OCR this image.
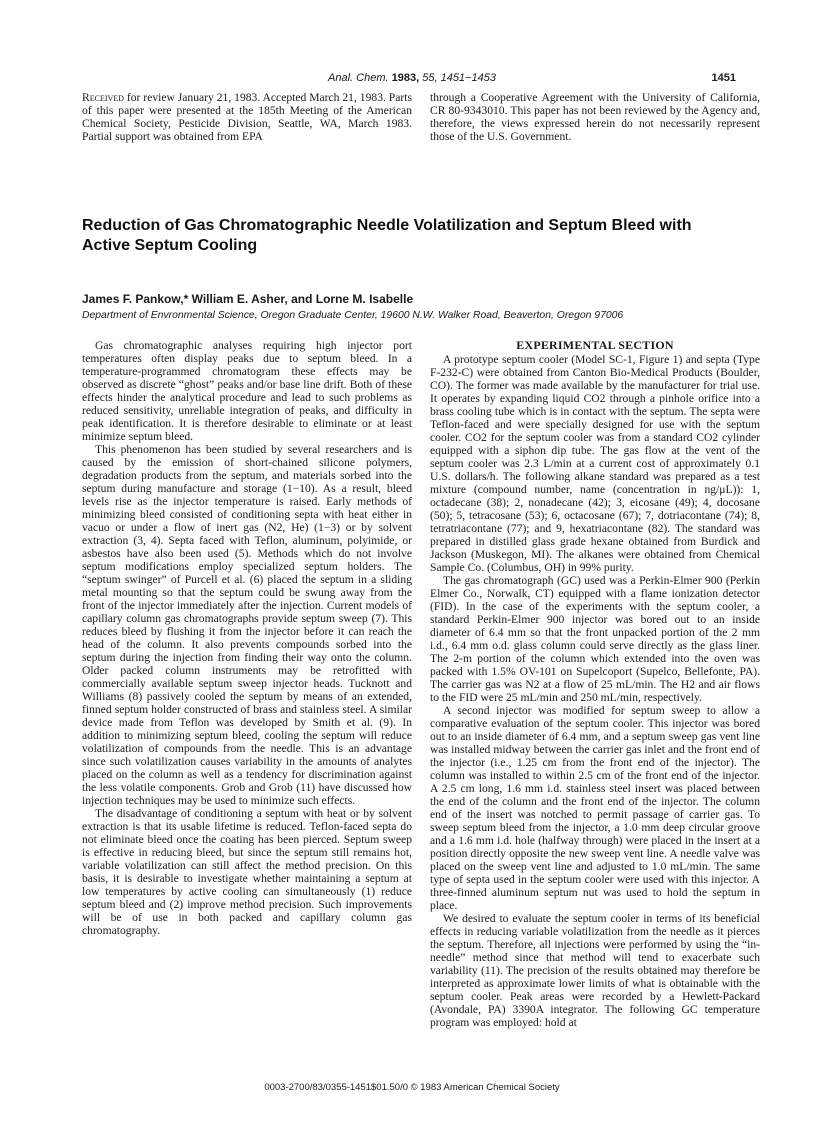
Anal. Chem. 1983, 55, 1451−1453	1451

Received for review January 21, 1983. Accepted March 21, 1983. Parts of this paper were presented at the 185th Meeting of the American Chemical Society, Pesticide Division, Seattle, WA, March 1983. Partial support was obtained from EPA

through a Cooperative Agreement with the University of California, CR 80-9343010. This paper has not been reviewed by the Agency and, therefore, the views expressed herein do not necessarily represent those of the U.S. Government.

Reduction of Gas Chromatographic Needle Volatilization and Septum Bleed with Active Septum Cooling
James F. Pankow,* William E. Asher, and Lorne M. Isabelle
Department of Envronmental Science, Oregon Graduate Center, 19600 N.W. Walker Road, Beaverton, Oregon 97006

Gas chromatographic analyses requiring high injector port temperatures often display peaks due to septum bleed. In a temperature-programmed chromatogram these effects may be observed as discrete “ghost” peaks and/or base line drift. Both of these effects hinder the analytical procedure and lead to such problems as reduced sensitivity, unreliable integration of peaks, and difficulty in peak identification. It is therefore desirable to eliminate or at least minimize septum bleed.

This phenomenon has been studied by several researchers and is caused by the emission of short-chained silicone polymers, degradation products from the septum, and materials sorbed into the septum during manufacture and storage (1−10). As a result, bleed levels rise as the injector temperature is raised. Early methods of minimizing bleed consisted of conditioning septa with heat either in vacuo or under a flow of inert gas (N2, He) (1−3) or by solvent extraction (3, 4). Septa faced with Teflon, aluminum, polyimide, or asbestos have also been used (5). Methods which do not involve septum modifications employ specialized septum holders. The “septum swinger” of Purcell et al. (6) placed the septum in a sliding metal mounting so that the septum could be swung away from the front of the injector immediately after the injection. Current models of capillary column gas chromatographs provide septum sweep (7). This reduces bleed by flushing it from the injector before it can reach the head of the column. It also prevents compounds sorbed into the septum during the injection from finding their way onto the column. Older packed column instruments may be retrofitted with commercially available septum sweep injector heads. Tucknott and Williams (8) passively cooled the septum by means of an extended, finned septum holder constructed of brass and stainless steel. A similar device made from Teflon was developed by Smith et al. (9). In addition to minimizing septum bleed, cooling the septum will reduce volatilization of compounds from the needle. This is an advantage since such volatilization causes variability in the amounts of analytes placed on the column as well as a tendency for discrimination against the less volatile components. Grob and Grob (11) have discussed how injection techniques may be used to minimize such effects.

The disadvantage of conditioning a septum with heat or by solvent extraction is that its usable lifetime is reduced. Teflon-faced septa do not eliminate bleed once the coating has been pierced. Septum sweep is effective in reducing bleed, but since the septum still remains hot, variable volatilization can still affect the method precision. On this basis, it is desirable to investigate whether maintaining a septum at low temperatures by active cooling can simultaneously (1) reduce septum bleed and (2) improve method precision. Such improvements will be of use in both packed and capillary column gas chromatography.

EXPERIMENTAL SECTION

A prototype septum cooler (Model SC-1, Figure 1) and septa (Type F-232-C) were obtained from Canton Bio-Medical Products (Boulder, CO). The former was made available by the manufacturer for trial use. It operates by expanding liquid CO2 through a pinhole orifice into a brass cooling tube which is in contact with the septum. The septa were Teflon-faced and were specially designed for use with the septum cooler. CO2 for the septum cooler was from a standard CO2 cylinder equipped with a siphon dip tube. The gas flow at the vent of the septum cooler was 2.3 L/min at a current cost of approximately 0.1 U.S. dollars/h. The following alkane standard was prepared as a test mixture (compound number, name (concentration in ng/μL)): 1, octadecane (38); 2, nonadecane (42); 3, eicosane (49); 4, docosane (50); 5, tetracosane (53); 6, octacosane (67); 7, dotriacontane (74); 8, tetratriacontane (77); and 9, hexatriacontane (82). The standard was prepared in distilled glass grade hexane obtained from Burdick and Jackson (Muskegon, MI). The alkanes were obtained from Chemical Sample Co. (Columbus, OH) in 99% purity.

The gas chromatograph (GC) used was a Perkin-Elmer 900 (Perkin Elmer Co., Norwalk, CT) equipped with a flame ionization detector (FID). In the case of the experiments with the septum cooler, a standard Perkin-Elmer 900 injector was bored out to an inside diameter of 6.4 mm so that the front unpacked portion of the 2 mm i.d., 6.4 mm o.d. glass column could serve directly as the glass liner. The 2-m portion of the column which extended into the oven was packed with 1.5% OV-101 on Supelcoport (Supelco, Bellefonte, PA). The carrier gas was N2 at a flow of 25 mL/min. The H2 and air flows to the FID were 25 mL/min and 250 mL/min, respectively.

A second injector was modified for septum sweep to allow a comparative evaluation of the septum cooler. This injector was bored out to an inside diameter of 6.4 mm, and a septum sweep gas vent line was installed midway between the carrier gas inlet and the front end of the injector (i.e., 1.25 cm from the front end of the injector). The column was installed to within 2.5 cm of the front end of the injector. A 2.5 cm long, 1.6 mm i.d. stainless steel insert was placed between the end of the column and the front end of the injector. The column end of the insert was notched to permit passage of carrier gas. To sweep septum bleed from the injector, a 1.0 mm deep circular groove and a 1.6 mm i.d. hole (halfway through) were placed in the insert at a position directly opposite the new sweep vent line. A needle valve was placed on the sweep vent line and adjusted to 1.0 mL/min. The same type of septa used in the septum cooler were used with this injector. A three-finned aluminum septum nut was used to hold the septum in place.

We desired to evaluate the septum cooler in terms of its beneficial effects in reducing variable volatilization from the needle as it pierces the septum. Therefore, all injections were performed by using the “in-needle” method since that method will tend to exacerbate such variability (11). The precision of the results obtained may therefore be interpreted as approximate lower limits of what is obtainable with the septum cooler. Peak areas were recorded by a Hewlett-Packard (Avondale, PA) 3390A integrator. The following GC temperature program was employed: hold at

0003-2700/83/0355-1451$01.50/0 © 1983 American Chemical Society
